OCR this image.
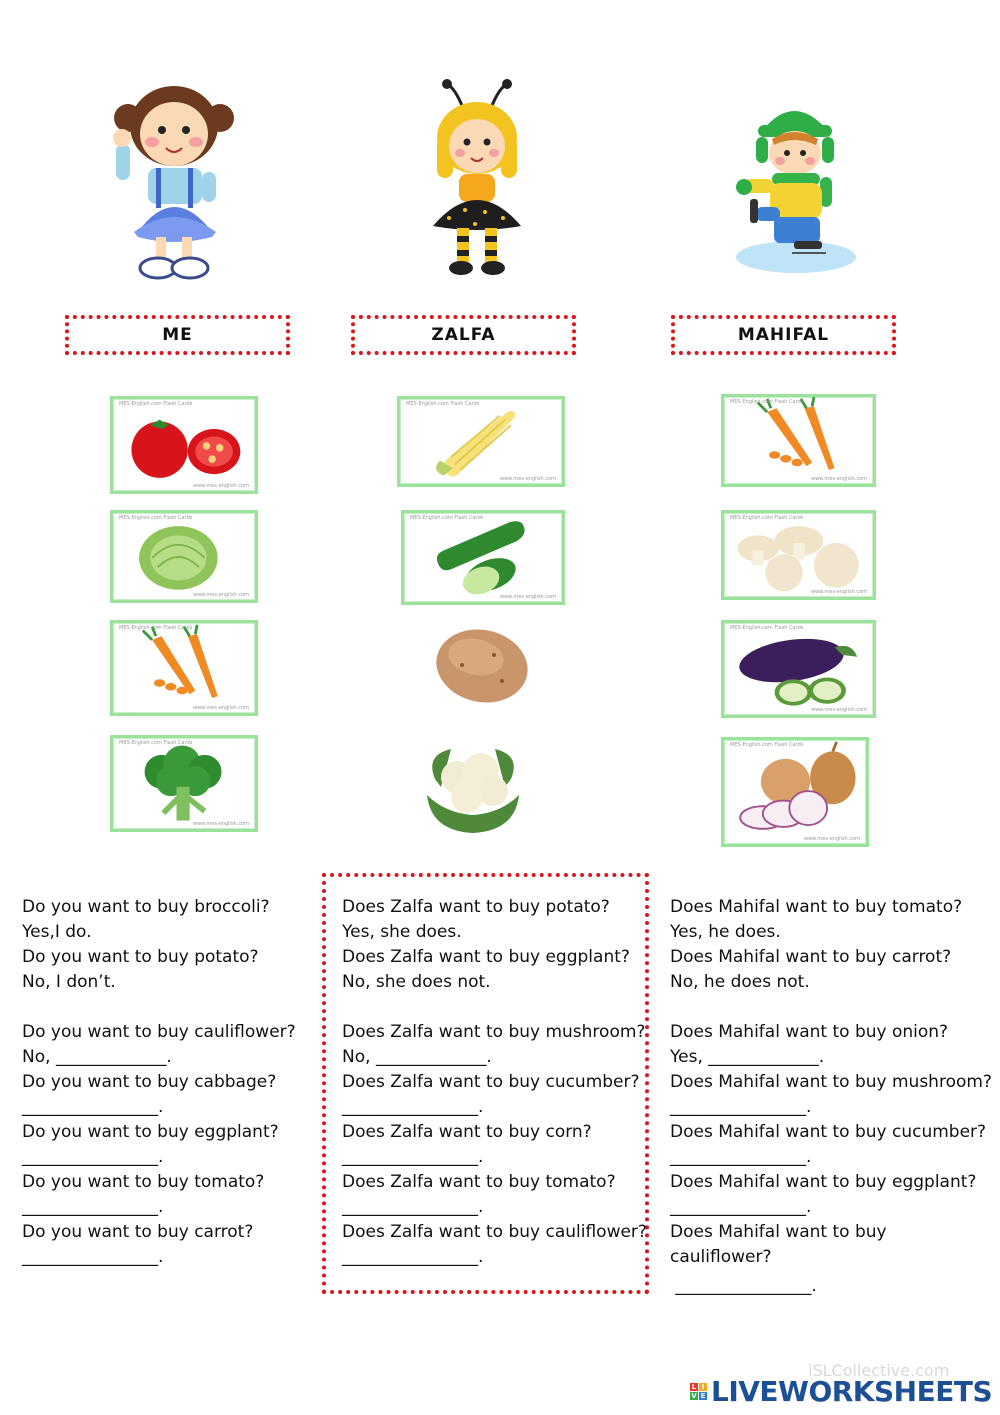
ME	ZALFA	MAHIFAL
MES-English.com Flash Cards
www.mes-english.com
MES-English.com Flash Cards
www.mes-english.com
MES-English.com Flash Cards
www.mes-english.com
MES-English.com Flash Cards
www.mes-english.com
MES-English.com Flash Cards
www.mes-english.com
MES-English.com Flash Cards
www.mes-english.com
MES-English.com Flash Cards
www.mes-english.com
MES-English.com Flash Cards
www.mes-english.com
MES-English.com Flash Cards
www.mes-english.com
MES-English.com Flash Cards
www.mes-english.com
Do you want to buy broccoli?
Yes,I do.
Do you want to buy potato?
No, I don’t.
Do you want to buy cauliflower?
No, _____________.
Do you want to buy cabbage?
________________.
Do you want to buy eggplant?
________________.
Do you want to buy tomato?
________________.
Do you want to buy carrot?
________________.
Does Zalfa want to buy potato?
Yes, she does.
Does Zalfa want to buy eggplant?
No, she does not.
Does Zalfa want to buy mushroom?
No, _____________.
Does Zalfa want to buy cucumber?
________________.
Does Zalfa want to buy corn?
________________.
Does Zalfa want to buy tomato?
________________.
Does Zalfa want to buy cauliflower?
________________.
Does Mahifal want to buy tomato?
Yes, he does.
Does Mahifal want to buy carrot?
No, he does not.
Does Mahifal want to buy onion?
Yes, _____________.
Does Mahifal want to buy mushroom?
________________.
Does Mahifal want to buy cucumber?
________________.
Does Mahifal want to buy eggplant?
________________.
Does Mahifal want to buy
cauliflower?
________________.
iSLCollective.com
L I
V E LIVEWORKSHEETS
